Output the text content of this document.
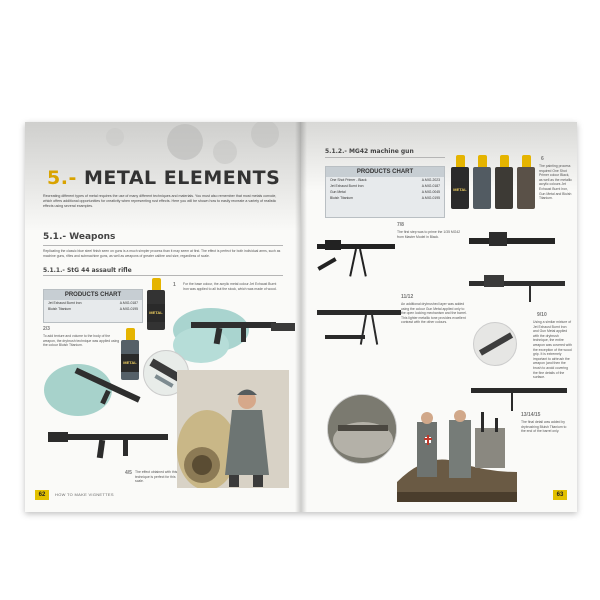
5.- METAL ELEMENTS
Recreating different types of metal requires the use of many different techniques and materials. You must also remember that most metals corrode, which offers additional opportunities for creativity when representing rust effects. Here you will be shown how to easily recreate a variety of realistic effects using several examples.
5.1.- Weapons
Replicating the classic blue steel finish seen on guns is a much simpler process than it may seem at first. The effect is perfect for both individual arms, such as machine guns, rifles and submachine guns, as well as weapons of greater calibre and size, regardless of scale.
5.1.1.- StG 44 assault rifle
PRODUCTS CHART
Jet Exhaust Burnt Iron	A.MIG-0187
Bluish Titanium	A.MIG-0195
METAL
METAL
1 For the base colour, the acrylic metal colour Jet Exhaust Burnt Iron was applied to all but the stock, which was made of wood.
2/3
To add texture and volume to the body of the weapon, the drybrush technique was applied using the colour Bluish Titanium.
4/5 The effect obtained with this technique is perfect for this scale.
62	HOW TO MAKE VIGNETTES
5.1.2.- MG42 machine gun
PRODUCTS CHART
One Shot Primer - Black	A.MIG-2023
Jet Exhaust Burnt Iron	A.MIG-0187
Gun Metal	A.MIG-0045
Bluish Titanium	A.MIG-0195
METAL
6
The painting process required One Shot Primer colour Black, as well as the metallic acrylic colours Jet Exhaust Burnt Iron, Gun Metal and Bluish Titanium.
7/8
The first step was to prime the 1/35 MG42 from Master Model in Black.
9/10
Using a similar mixture of Jet Exhaust Burnt Iron and Gun Metal applied with the drybrush technique, the entire weapon was covered with the exception of the wood grip. It is extremely important to airbrush the weapon (and then the brush to avoid covering the fine details of the surface.
11/12
An additional drybrushed layer was added using the colour Gun Metal applied only to the open locking mechanism and the barrel. This lighter metallic tone provides excellent contrast with the other colours.
13/14/15
The final detail was added by drybrushing Bluish Titanium to the end of the barrel only.
63
